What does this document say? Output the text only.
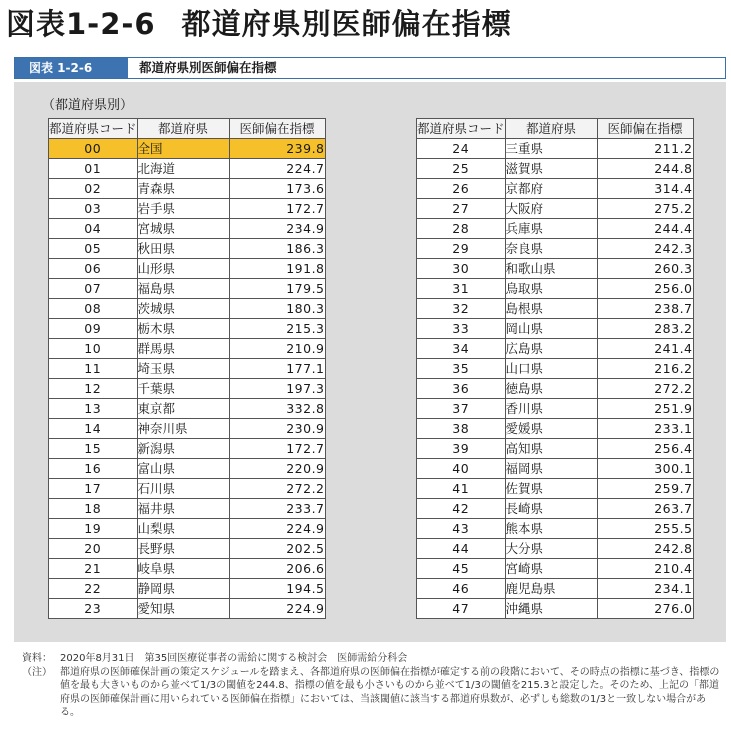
図表1-2-6 都道府県別医師偏在指標
図表 1-2-6	都道府県別医師偏在指標
（都道府県別）
都道府県コード	都道府県	医師偏在指標
00	全国	239.8
01	北海道	224.7
02	青森県	173.6
03	岩手県	172.7
04	宮城県	234.9
05	秋田県	186.3
06	山形県	191.8
07	福島県	179.5
08	茨城県	180.3
09	栃木県	215.3
10	群馬県	210.9
11	埼玉県	177.1
12	千葉県	197.3
13	東京都	332.8
14	神奈川県	230.9
15	新潟県	172.7
16	富山県	220.9
17	石川県	272.2
18	福井県	233.7
19	山梨県	224.9
20	長野県	202.5
21	岐阜県	206.6
22	静岡県	194.5
23	愛知県	224.9
都道府県コード	都道府県	医師偏在指標
24	三重県	211.2
25	滋賀県	244.8
26	京都府	314.4
27	大阪府	275.2
28	兵庫県	244.4
29	奈良県	242.3
30	和歌山県	260.3
31	鳥取県	256.0
32	島根県	238.7
33	岡山県	283.2
34	広島県	241.4
35	山口県	216.2
36	徳島県	272.2
37	香川県	251.9
38	愛媛県	233.1
39	高知県	256.4
40	福岡県	300.1
41	佐賀県	259.7
42	長崎県	263.7
43	熊本県	255.5
44	大分県	242.8
45	宮崎県	210.4
46	鹿児島県	234.1
47	沖縄県	276.0
資料： 2020年8月31日　第35回医療従事者の需給に関する検討会　医師需給分科会
（注） 都道府県の医師確保計画の策定スケジュールを踏まえ、各都道府県の医師偏在指標が確定する前の段階において、その時点の指標に基づき、指標の値を最も大きいものから並べて1/3の閾値を244.8、指標の値を最も小さいものから並べて1/3の閾値を215.3と設定した。そのため、上記の「都道府県の医師確保計画に用いられている医師偏在指標」においては、当該閾値に該当する都道府県数が、必ずしも総数の1/3と一致しない場合がある。
